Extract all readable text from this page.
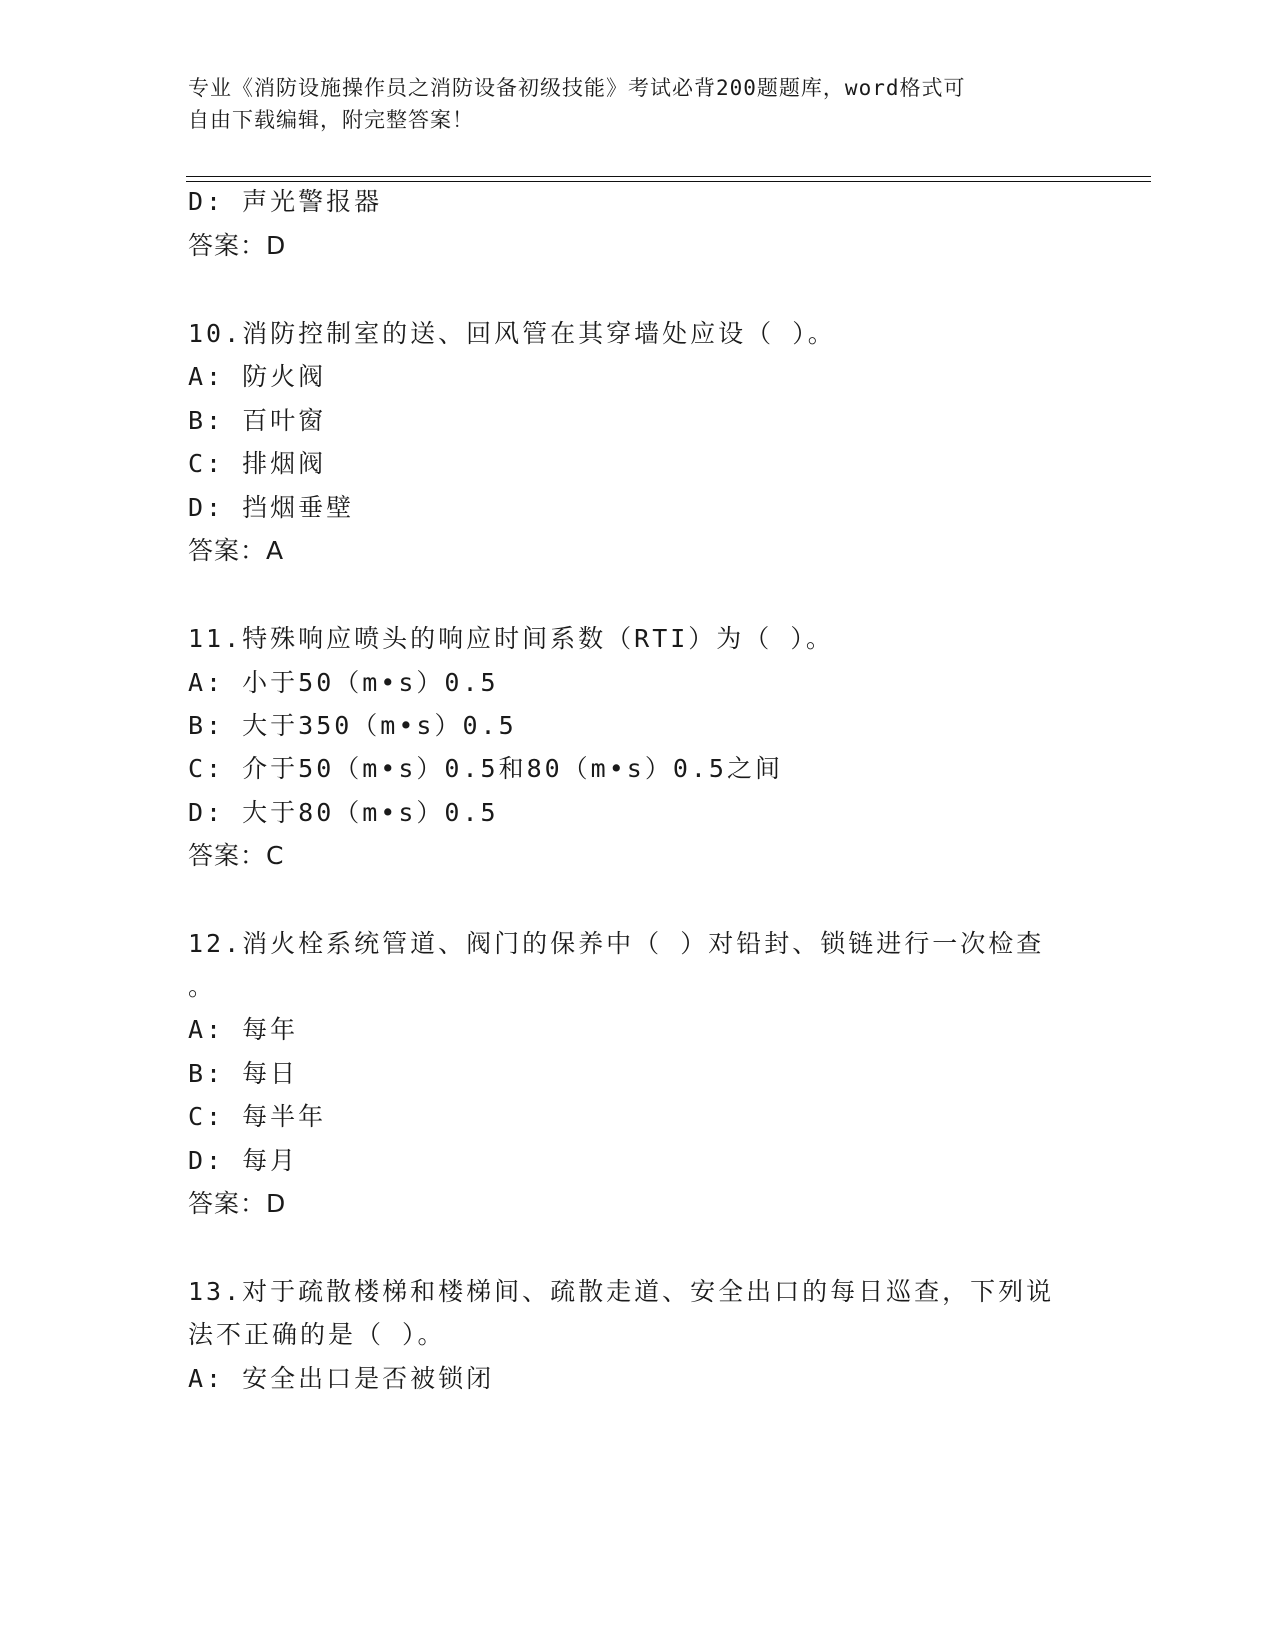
专业《消防设施操作员之消防设备初级技能》考试必背200题题库，word格式可
自由下载编辑，附完整答案！
D: 声光警报器
答案：D
10.消防控制室的送、回风管在其穿墙处应设（ ）。
A: 防火阀
B: 百叶窗
C: 排烟阀
D: 挡烟垂壁
答案：A
11.特殊响应喷头的响应时间系数（RTI）为（ ）。
A: 小于50（m•s）0.5
B: 大于350（m•s）0.5
C: 介于50（m•s）0.5和80（m•s）0.5之间
D: 大于80（m•s）0.5
答案：C
12.消火栓系统管道、阀门的保养中（ ）对铅封、锁链进行一次检查
。
A: 每年
B: 每日
C: 每半年
D: 每月
答案：D
13.对于疏散楼梯和楼梯间、疏散走道、安全出口的每日巡查，下列说
法不正确的是（ ）。
A: 安全出口是否被锁闭
